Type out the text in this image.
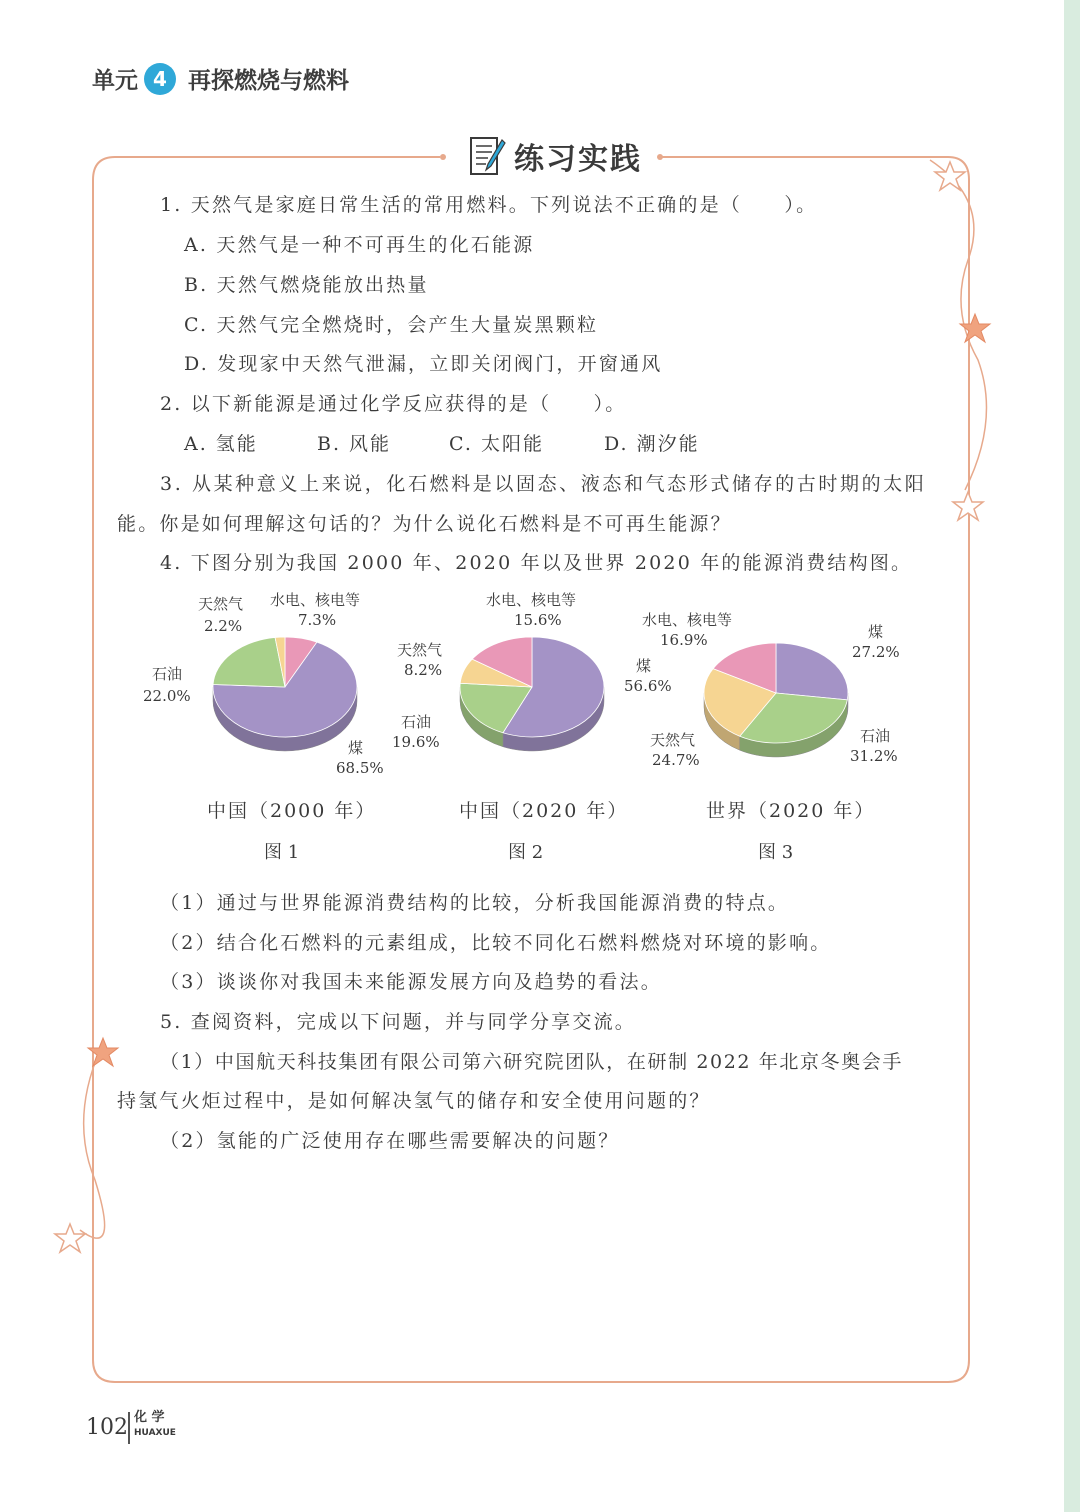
单元 4 再探燃烧与燃料
练习实践
1. 天然气是家庭日常生活的常用燃料。下列说法不正确的是（　　）。
A. 天然气是一种不可再生的化石能源
B. 天然气燃烧能放出热量
C. 天然气完全燃烧时，会产生大量炭黑颗粒
D. 发现家中天然气泄漏，立即关闭阀门，开窗通风
2. 以下新能源是通过化学反应获得的是（　　）。
A. 氢能	B. 风能	C. 太阳能	D. 潮汐能
3. 从某种意义上来说，化石燃料是以固态、液态和气态形式储存的古时期的太阳
能。你是如何理解这句话的？为什么说化石燃料是不可再生能源？
4. 下图分别为我国 2000 年、2020 年以及世界 2020 年的能源消费结构图。
煤
68.5%
石油
22.0%
天然气
2.2%
水电、核电等
7.3%
煤
56.6%
石油
19.6%
天然气
8.2%
水电、核电等
15.6%
煤
27.2%
石油
31.2%
天然气
24.7%
水电、核电等
16.9%
中国（2000 年）	中国（2020 年）	世界（2020 年）
图 1	图 2	图 3
（1）通过与世界能源消费结构的比较，分析我国能源消费的特点。
（2）结合化石燃料的元素组成，比较不同化石燃料燃烧对环境的影响。
（3）谈谈你对我国未来能源发展方向及趋势的看法。
5. 查阅资料，完成以下问题，并与同学分享交流。
（1）中国航天科技集团有限公司第六研究院团队，在研制 2022 年北京冬奥会手
持氢气火炬过程中，是如何解决氢气的储存和安全使用问题的？
（2）氢能的广泛使用存在哪些需要解决的问题？
102 化 学
HUAXUE
